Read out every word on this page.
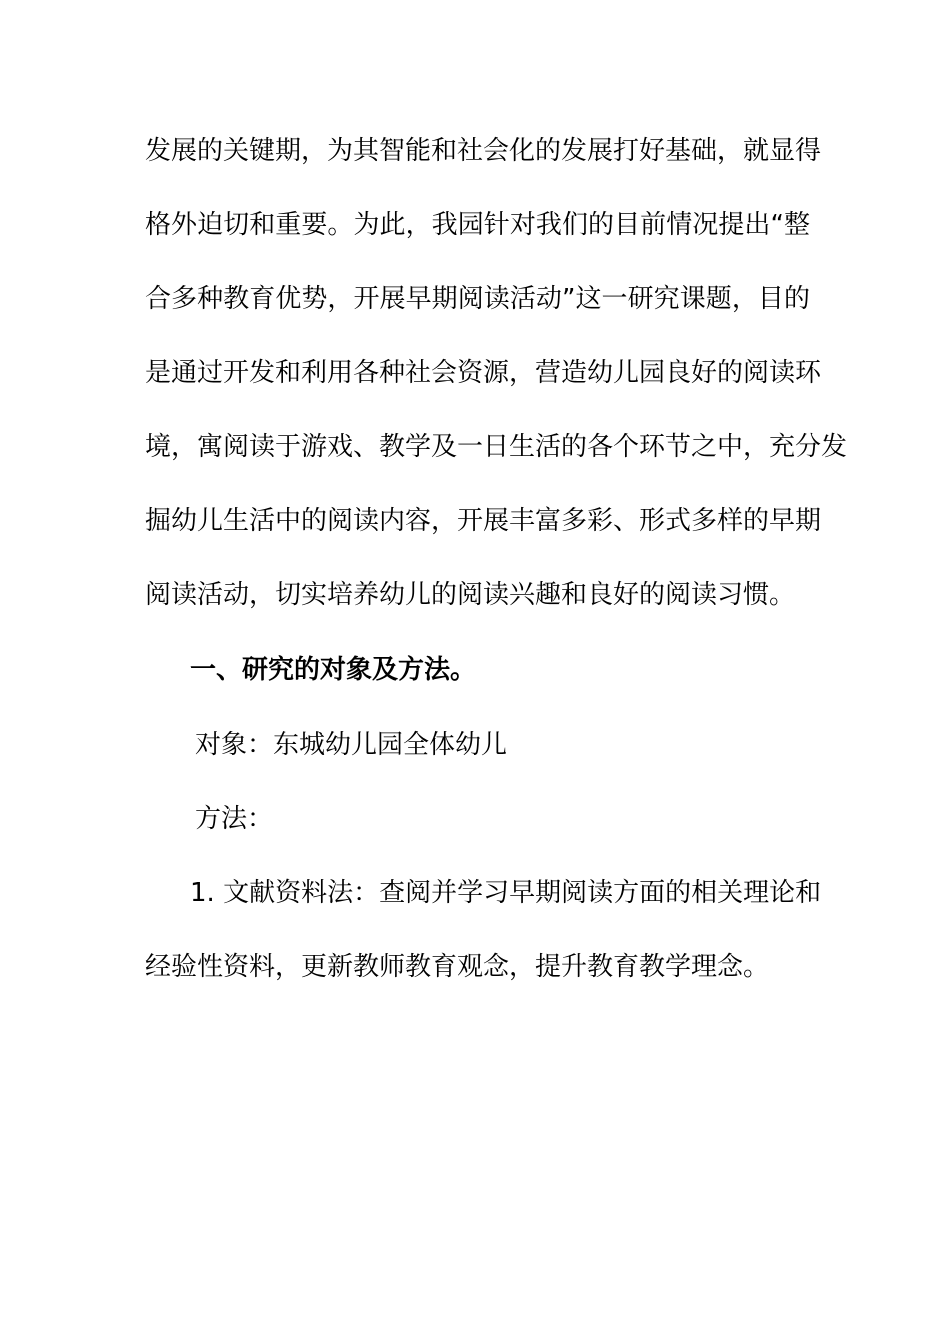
发展的关键期，为其智能和社会化的发展打好基础，就显得
格外迫切和重要。为此，我园针对我们的目前情况提出“整
合多种教育优势，开展早期阅读活动”这一研究课题，目的
是通过开发和利用各种社会资源，营造幼儿园良好的阅读环
境，寓阅读于游戏、教学及一日生活的各个环节之中，充分发
掘幼儿生活中的阅读内容，开展丰富多彩、形式多样的早期
阅读活动，切实培养幼儿的阅读兴趣和良好的阅读习惯。
一、研究的对象及方法。
对象：东城幼儿园全体幼儿
方法：
1. 文献资料法：查阅并学习早期阅读方面的相关理论和
经验性资料，更新教师教育观念，提升教育教学理念。
